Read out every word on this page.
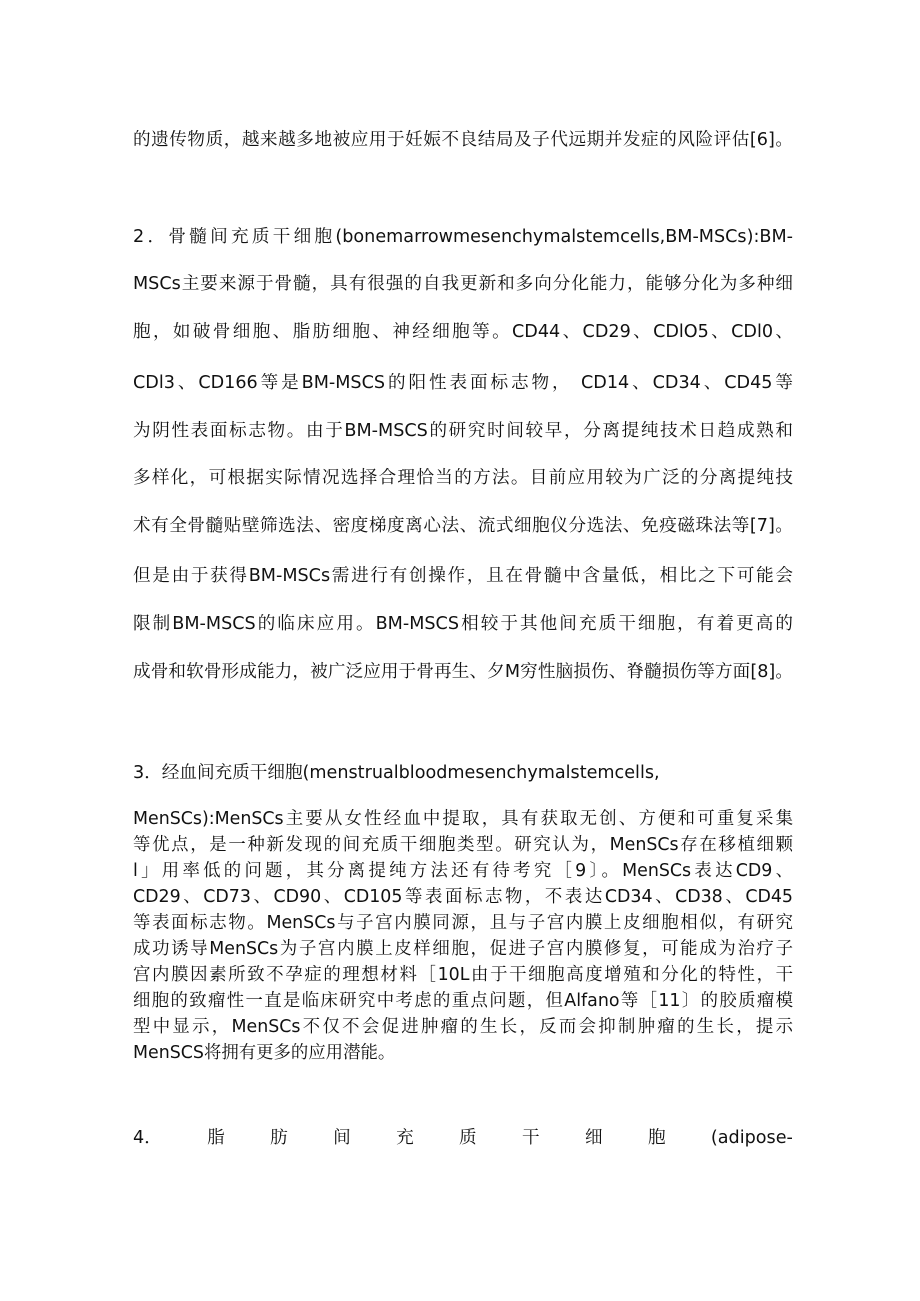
的遗传物质，越来越多地被应用于妊娠不良结局及子代远期并发症的风险评估[6]。
2．骨髓间充质干细胞(bonemarrowmesenchymalstemcells,BM-MSCs):BM-
MSCs主要来源于骨髓，具有很强的自我更新和多向分化能力，能够分化为多种细
胞，如破骨细胞、脂肪细胞、神经细胞等。CD44、CD29、CDlO5、CDl0、
CDl3、CD166等是BM-MSCS的阳性表面标志物， CD14、CD34、CD45等
为阴性表面标志物。由于BM-MSCS的研究时间较早，分离提纯技术日趋成熟和
多样化，可根据实际情况选择合理恰当的方法。目前应用较为广泛的分离提纯技
术有全骨髓贴壁筛选法、密度梯度离心法、流式细胞仪分选法、免疫磁珠法等[7]。
但是由于获得BM-MSCs需进行有创操作，且在骨髓中含量低，相比之下可能会
限制BM-MSCS的临床应用。BM-MSCS相较于其他间充质干细胞，有着更高的
成骨和软骨形成能力，被广泛应用于骨再生、夕M穷性脑损伤、脊髓损伤等方面[8]。
3．经血间充质干细胞(menstrualbloodmesenchymalstemcells,
MenSCs):MenSCs主要从女性经血中提取，具有获取无创、方便和可重复采集
等优点，是一种新发现的间充质干细胞类型。研究认为，MenSCs存在移植细颗
l」用率低的问题，其分离提纯方法还有待考究［9〕。MenSCs表达CD9、
CD29、CD73、CD90、CD105等表面标志物，不表达CD34、CD38、CD45
等表面标志物。MenSCs与子宫内膜同源，且与子宫内膜上皮细胞相似，有研究
成功诱导MenSCs为子宫内膜上皮样细胞，促进子宫内膜修复，可能成为治疗子
宫内膜因素所致不孕症的理想材料［10L由于干细胞高度增殖和分化的特性，干
细胞的致瘤性一直是临床研究中考虑的重点问题，但Alfano等［11〕的胶质瘤模
型中显示，MenSCs不仅不会促进肿瘤的生长，反而会抑制肿瘤的生长，提示
MenSCS将拥有更多的应用潜能。
4．	脂	肪	间	充	质	干	细	胞	(adipose-
